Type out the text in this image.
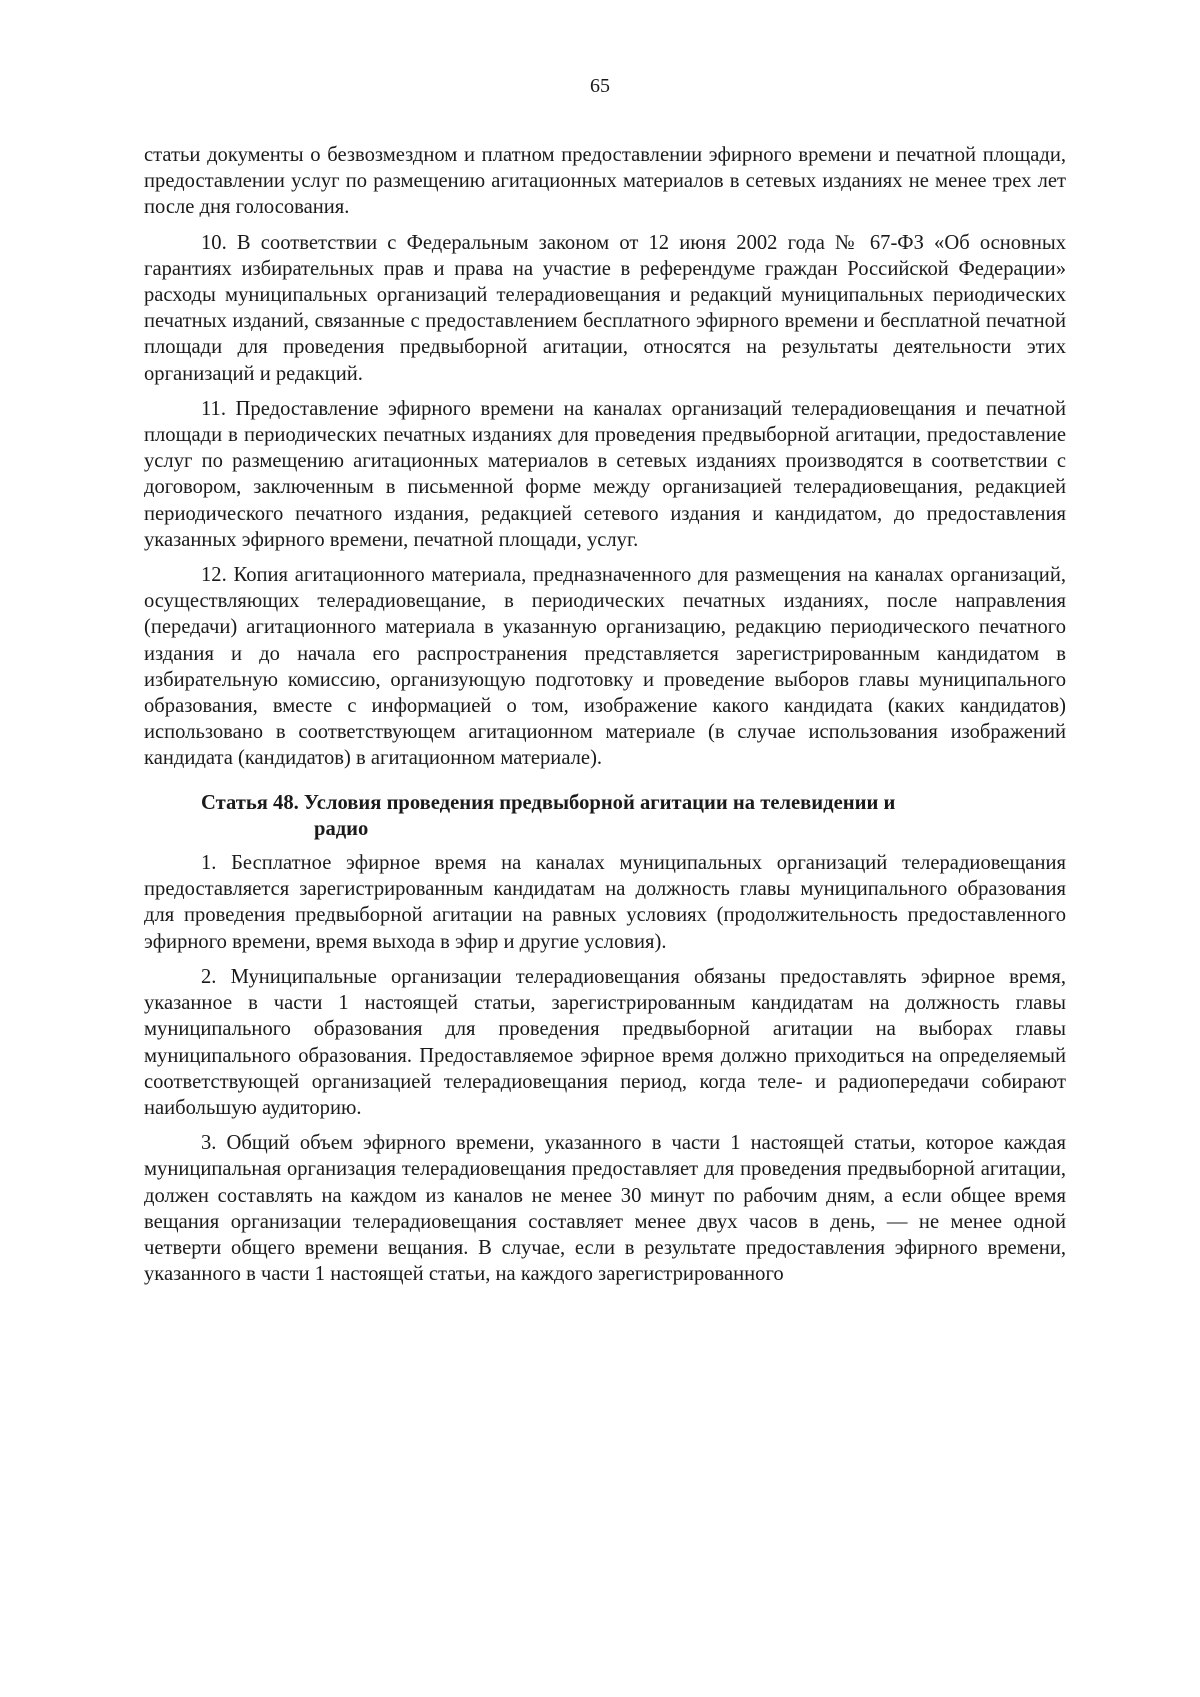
65

статьи документы о безвозмездном и платном предоставлении эфирного времени и печатной площади, предоставлении услуг по размещению агитационных материалов в сетевых изданиях не менее трех лет после дня голосования.

10. В соответствии с Федеральным законом от 12 июня 2002 года № 67-ФЗ «Об основных гарантиях избирательных прав и права на участие в референдуме граждан Российской Федерации» расходы муниципальных организаций телерадиовещания и редакций муниципальных периодических печатных изданий, связанные с предоставлением бесплатного эфирного времени и бесплатной печатной площади для проведения предвыборной агитации, относятся на результаты деятельности этих организаций и редакций.

11. Предоставление эфирного времени на каналах организаций телерадиовещания и печатной площади в периодических печатных изданиях для проведения предвыборной агитации, предоставление услуг по размещению агитационных материалов в сетевых изданиях производятся в соответствии с договором, заключенным в письменной форме между организацией телерадиовещания, редакцией периодического печатного издания, редакцией сетевого издания и кандидатом, до предоставления указанных эфирного времени, печатной площади, услуг.

12. Копия агитационного материала, предназначенного для размещения на каналах организаций, осуществляющих телерадиовещание, в периодических печатных изданиях, после направления (передачи) агитационного материала в указанную организацию, редакцию периодического печатного издания и до начала его распространения представляется зарегистрированным кандидатом в избирательную комиссию, организующую подготовку и проведение выборов главы муниципального образования, вместе с информацией о том, изображение какого кандидата (каких кандидатов) использовано в соответствующем агитационном материале (в случае использования изображений кандидата (кандидатов) в агитационном материале).

Статья 48. Условия проведения предвыборной агитации на телевидении и
радио

1. Бесплатное эфирное время на каналах муниципальных организаций телерадиовещания предоставляется зарегистрированным кандидатам на должность главы муниципального образования для проведения предвыборной агитации на равных условиях (продолжительность предоставленного эфирного времени, время выхода в эфир и другие условия).

2. Муниципальные организации телерадиовещания обязаны предоставлять эфирное время, указанное в части 1 настоящей статьи, зарегистрированным кандидатам на должность главы муниципального образования для проведения предвыборной агитации на выборах главы муниципального образования. Предоставляемое эфирное время должно приходиться на определяемый соответствующей организацией телерадиовещания период, когда теле- и радиопередачи собирают наибольшую аудиторию.

3. Общий объем эфирного времени, указанного в части 1 настоящей статьи, которое каждая муниципальная организация телерадиовещания предоставляет для проведения предвыборной агитации, должен составлять на каждом из каналов не менее 30 минут по рабочим дням, а если общее время вещания организации телерадиовещания составляет менее двух часов в день, — не менее одной четверти общего времени вещания. В случае, если в результате предоставления эфирного времени, указанного в части 1 настоящей статьи, на каждого зарегистрированного
